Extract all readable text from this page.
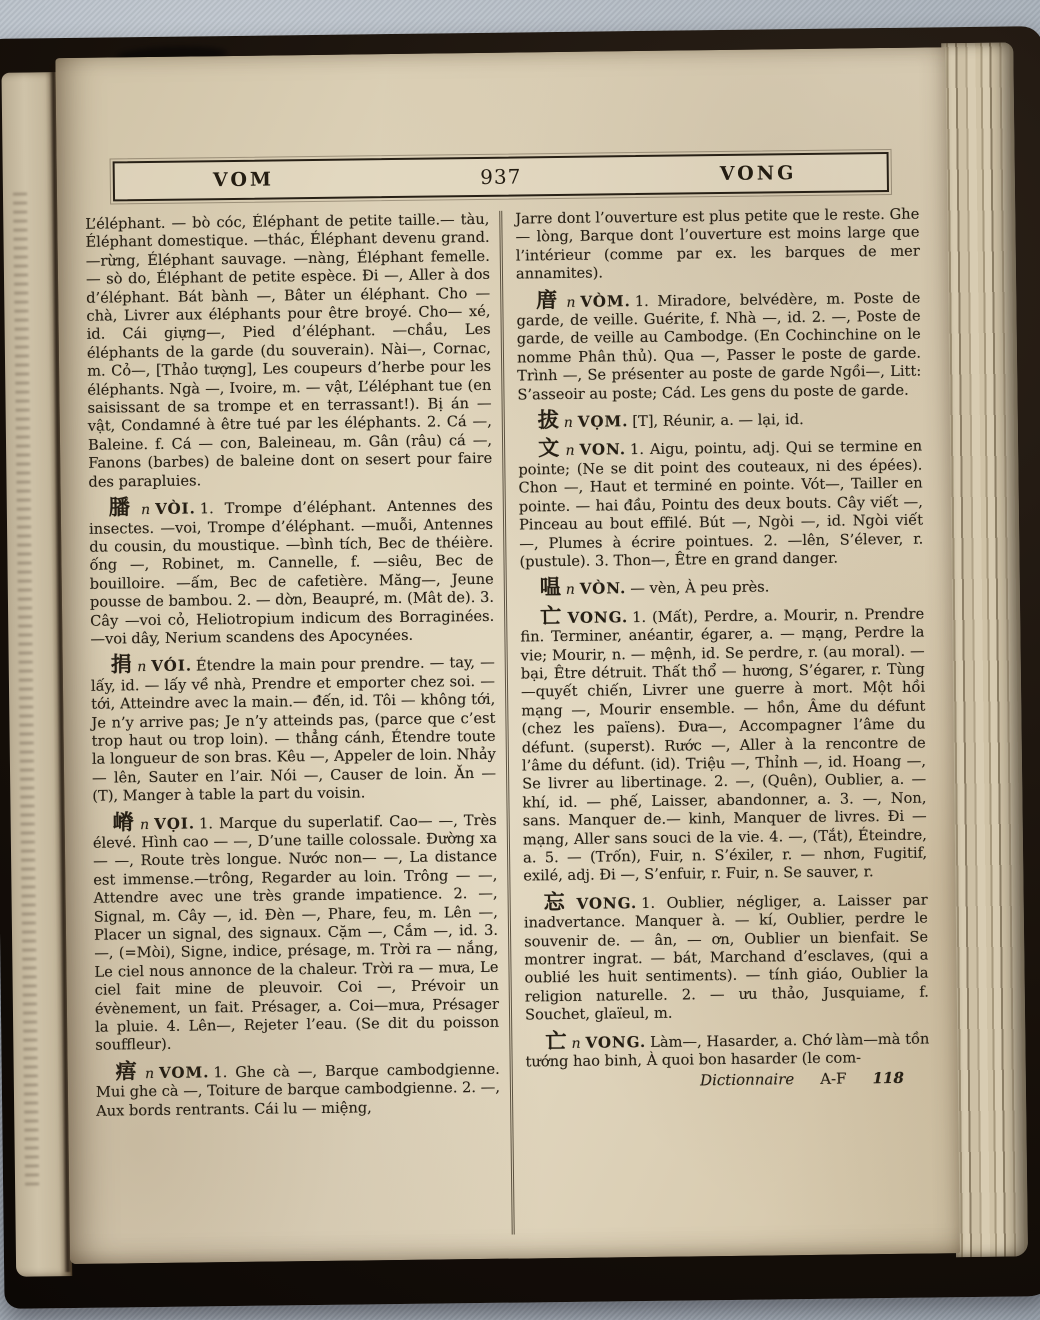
VOM	937	VONG

L’éléphant. — bò cóc, Éléphant de petite taille.— tàu, Éléphant domestique. —thác, Éléphant devenu grand. —rừng, Éléphant sauvage. —nàng, Éléphant femelle. — sò do, Éléphant de petite espèce. Đi —, Aller à dos d’éléphant. Bát bành —, Bâter un éléphant. Cho — chà, Livrer aux éléphants pour être broyé. Cho— xé, id. Cái giựng—, Pied d’éléphant. —chầu, Les éléphants de la garde (du souverain). Nài—, Cornac, m. Cỏ—, [Thảo tượng], Les coupeurs d’herbe pour les éléphants. Ngà —, Ivoire, m. — vật, L’éléphant tue (en saisissant de sa trompe et en terrassant!). Bị án — vật, Condamné à être tué par les éléphants. 2. Cá —, Baleine. f. Cá — con, Baleineau, m. Gân (râu) cá —, Fanons (barbes) de baleine dont on sesert pour faire des parapluies.

膰n VÒI. 1. Trompe d’éléphant. Antennes des insectes. —voi, Trompe d’éléphant. —muỗi, Antennes du cousin, du moustique. —bình tích, Bec de théière. ống —, Robinet, m. Cannelle, f. —siêu, Bec de bouilloire. —ấm, Bec de cafetière. Măng—, Jeune pousse de bambou. 2. — dờn, Beaupré, m. (Mât de). 3. Cây —voi cỏ, Heliotropium indicum des Borraginées. —voi dây, Nerium scandens des Apocynées.

捐n VÓI. Étendre la main pour prendre. — tay, —lấy, id. — lấy về nhà, Prendre et emporter chez soi. — tới, Atteindre avec la main.— đến, id. Tôi — không tới, Je n’y arrive pas; Je n’y atteinds pas, (parce que c’est trop haut ou trop loin). — thẳng cánh, Étendre toute la longueur de son bras. Kêu —, Appeler de loin. Nhảy — lên, Sauter en l’air. Nói —, Causer de loin. Ăn — (T), Manger à table la part du voisin.

嵴n VỌI. 1. Marque du superlatif. Cao— —, Très élevé. Hình cao — —, D’une taille colossale. Đường xa— —, Route très longue. Nước non— —, La distance est immense.—trông, Regarder au loin. Trông — —, Attendre avec une très grande impatience. 2. —, Signal, m. Cây —, id. Đèn —, Phare, feu, m. Lên —, Placer un signal, des signaux. Cặm —, Cắm —, id. 3. —, (=Mòi), Signe, indice, présage, m. Trời ra — nắng, Le ciel nous annonce de la chaleur. Trời ra — mưa, Le ciel fait mine de pleuvoir. Coi —, Prévoir un évènement, un fait. Présager, a. Coi—mưa, Présager la pluie. 4. Lên—, Rejeter l’eau. (Se dit du poisson souffleur).

痦n VOM. 1. Ghe cà —, Barque cambodgienne. Mui ghe cà —, Toiture de barque cambodgienne. 2. —, Aux bords rentrants. Cái lu — miệng,

Jarre dont l’ouverture est plus petite que le reste. Ghe — lòng, Barque dont l’ouverture est moins large que l’intérieur (comme par ex. les barques de mer annamites).

庴n VÒM. 1. Miradore, belvédère, m. Poste de garde, de veille. Guérite, f. Nhà —, id. 2. —, Poste de garde, de veille au Cambodge. (En Cochinchine on le nomme Phân thủ). Qua —, Passer le poste de garde. Trình —, Se présenter au poste de garde Ngồi—, Litt: S’asseoir au poste; Cád. Les gens du poste de garde.

拔n VỌM. [T], Réunir, a. — lại, id.

文n VON. 1. Aigu, pointu, adj. Qui se termine en pointe; (Ne se dit point des couteaux, ni des épées). Chon —, Haut et terminé en pointe. Vót—, Tailler en pointe. — hai đầu, Pointu des deux bouts. Cây viết —, Pinceau au bout effilé. Bút —, Ngòi —, id. Ngòi viết —, Plumes à écrire pointues. 2. —lên, S’élever, r. (pustule). 3. Thon—, Être en grand danger.

嗢n VÒN. — vèn, À peu près.

亡 VONG. 1. (Mất), Perdre, a. Mourir, n. Prendre fin. Terminer, anéantir, égarer, a. — mạng, Perdre la vie; Mourir, n. — mệnh, id. Se perdre, r. (au moral). — bại, Être détruit. Thất thổ — hương, S’égarer, r. Tùng —quyết chiến, Livrer une guerre à mort. Một hồi mạng —, Mourir ensemble. — hồn, Âme du défunt (chez les païens). Đưa—, Accompagner l’âme du défunt. (superst). Rước —, Aller à la rencontre de l’âme du défunt. (id). Triệu —, Thỉnh —, id. Hoang —, Se livrer au libertinage. 2. —, (Quên), Oublier, a. — khí, id. — phế, Laisser, abandonner, a. 3. —, Non, sans. Manquer de.— kinh, Manquer de livres. Đi — mạng, Aller sans souci de la vie. 4. —, (Tắt), Éteindre, a. 5. — (Trốn), Fuir, n. S’éxiler, r. — nhơn, Fugitif, exilé, adj. Đi —, S’enfuir, r. Fuir, n. Se sauver, r.

忘 VONG. 1. Oublier, négliger, a. Laisser par inadvertance. Manquer à. — kí, Oublier, perdre le souvenir de. — ân, — ơn, Oublier un bienfait. Se montrer ingrat. — bát, Marchand d’esclaves, (qui a oublié les huit sentiments). — tính giáo, Oublier la religion naturelle. 2. — ưu thảo, Jusquiame, f. Souchet, glaïeul, m.

亡n VONG. Làm—, Hasarder, a. Chớ làm—mà tồn tướng hao binh, À quoi bon hasarder (le com-

Dictionnaire A-F 118
